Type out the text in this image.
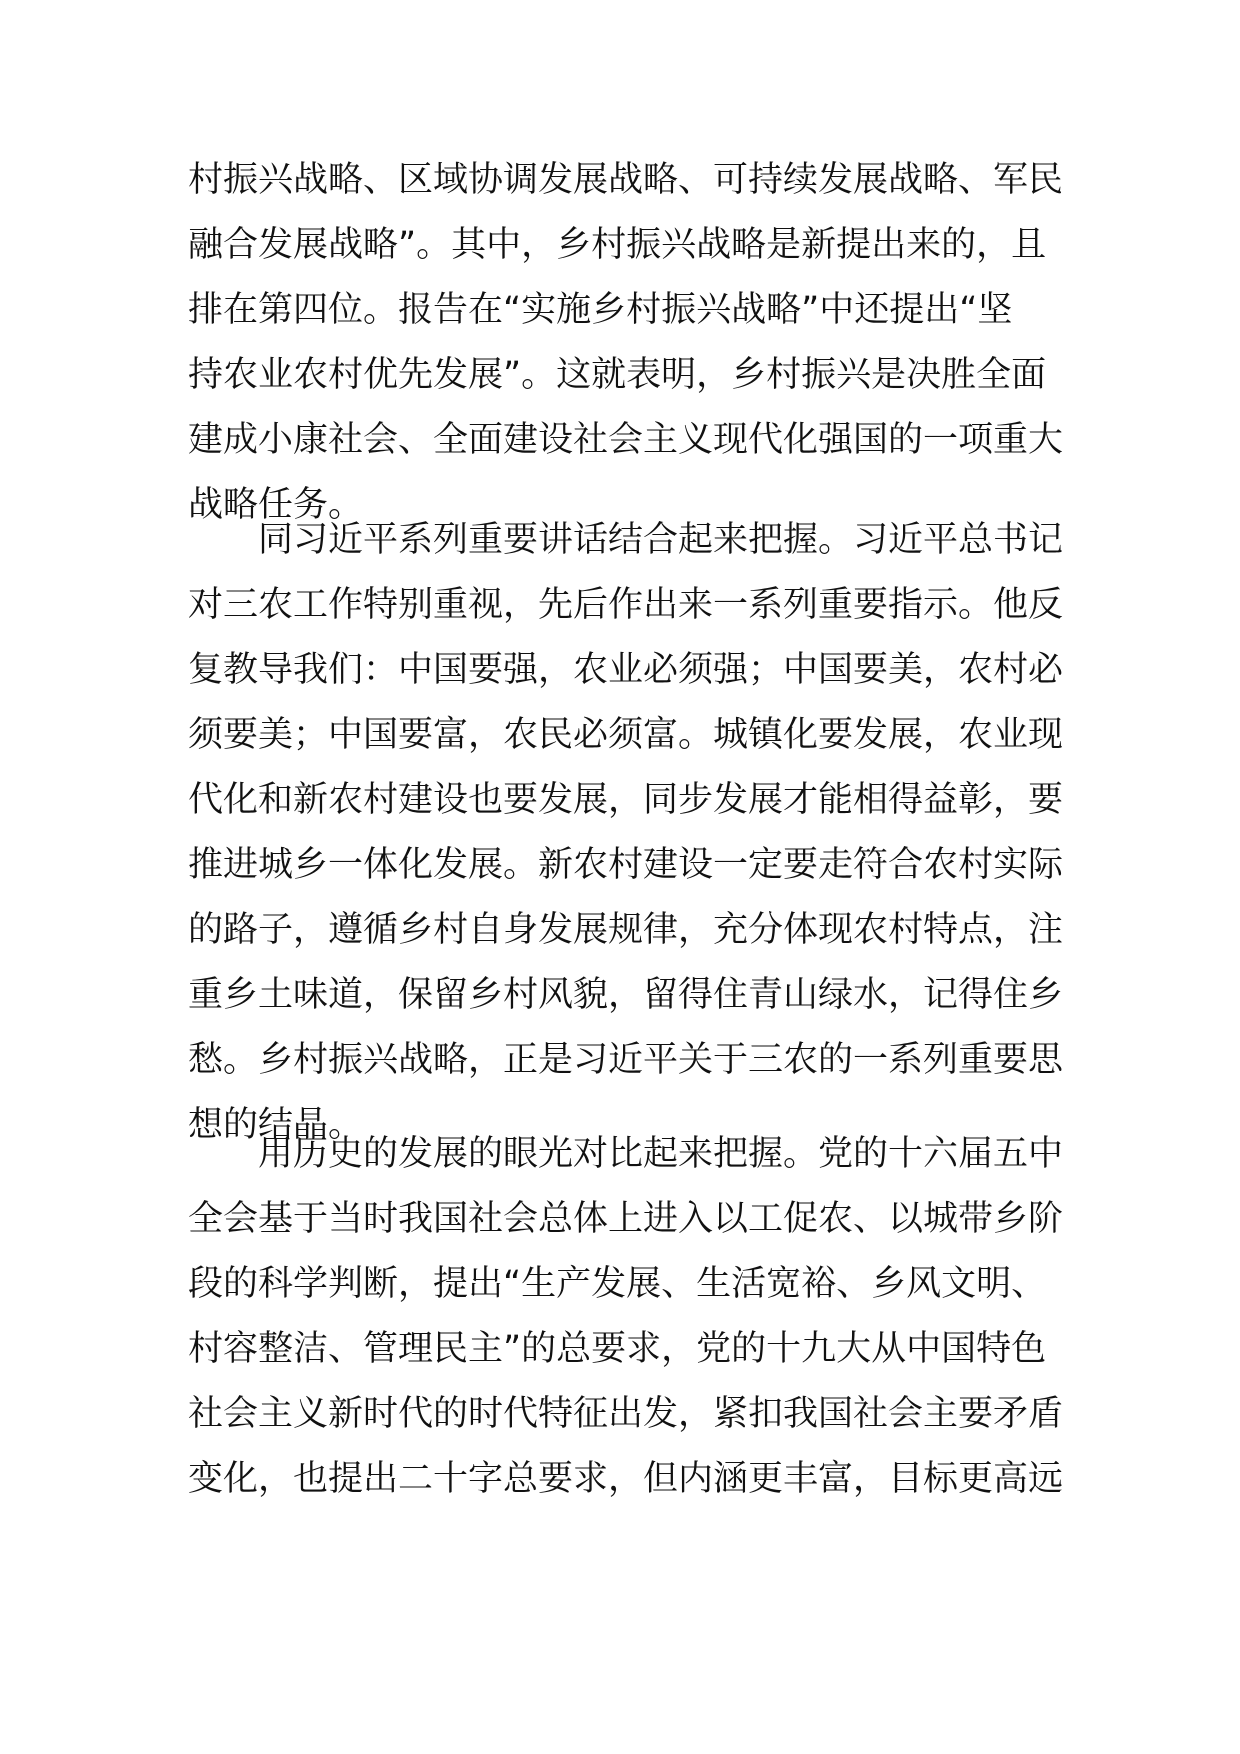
村振兴战略、区域协调发展战略、可持续发展战略、军民
融合发展战略”。其中，乡村振兴战略是新提出来的，且
排在第四位。报告在“实施乡村振兴战略”中还提出“坚
持农业农村优先发展”。这就表明，乡村振兴是决胜全面
建成小康社会、全面建设社会主义现代化强国的一项重大
战略任务。
同习近平系列重要讲话结合起来把握。习近平总书记
对三农工作特别重视，先后作出来一系列重要指示。他反
复教导我们：中国要强，农业必须强；中国要美，农村必
须要美；中国要富，农民必须富。城镇化要发展，农业现
代化和新农村建设也要发展，同步发展才能相得益彰，要
推进城乡一体化发展。新农村建设一定要走符合农村实际
的路子，遵循乡村自身发展规律，充分体现农村特点，注
重乡土味道，保留乡村风貌，留得住青山绿水，记得住乡
愁。乡村振兴战略，正是习近平关于三农的一系列重要思
想的结晶。
用历史的发展的眼光对比起来把握。党的十六届五中
全会基于当时我国社会总体上进入以工促农、以城带乡阶
段的科学判断，提出“生产发展、生活宽裕、乡风文明、
村容整洁、管理民主”的总要求，党的十九大从中国特色
社会主义新时代的时代特征出发，紧扣我国社会主要矛盾
变化，也提出二十字总要求，但内涵更丰富，目标更高远
